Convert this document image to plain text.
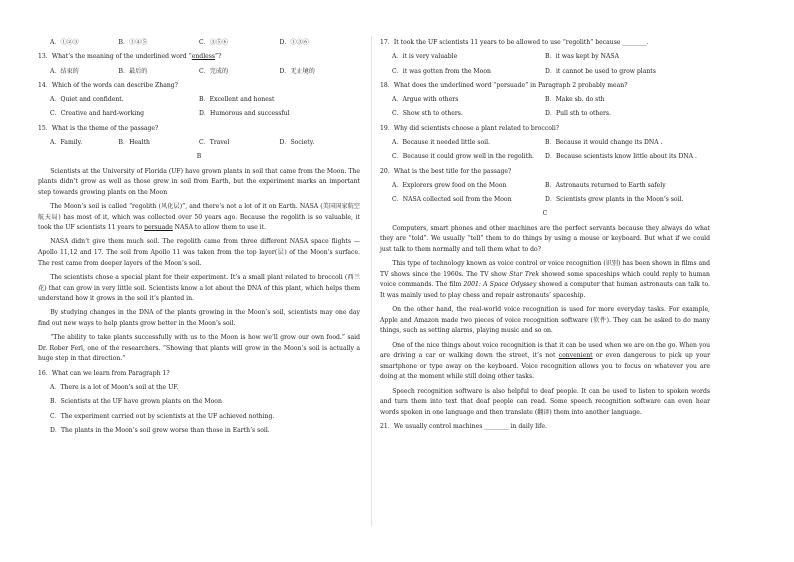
A．①②③	B．①④⑤	C．③⑤⑥	D．①③⑥
13．What’s the meaning of the underlined word “endless”?
A．结束的	B．最后的	C．完成的	D．无止境的
14．Which of the words can describe Zhang?
A．Quiet and confident.	B．Excellent and honest
C．Creative and hard-working	D．Humorous and successful
15．What is the theme of the passage?
A．Family.	B．Health	C．Travel	D．Society.
B

Scientists at the University of Florida (UF) have grown plants in soil that came from the Moon. The plants didn’t grow as well as those grew in soil from Earth, but the experiment marks an important step towards growing plants on the Moon

The Moon’s soil is called “regolith (风化层)”, and there’s not a lot of it on Earth. NASA (美国国家航空航天局) has most of it, which was collected over 50 years ago. Because the regolith is so valuable, it took the UF scientists 11 years to persuade NASA to allow them to use it.

NASA didn’t give them much soil. The regolith came from three different NASA space flights —Apollo 11,12 and 17. The soil from Apollo 11 was taken from the top layer(层) of the Moon’s surface. The rest came from deeper layers of the Moon’s soil.

The scientists chose a special plant for their experiment. It’s a small plant related to broccoli (西兰花) that can grow in very little soil. Scientists know a lot about the DNA of this plant, which helps them understand how it grows in the soil it’s planted in.

By studying changes in the DNA of the plants growing in the Moon’s soil, scientists may one day find out new ways to help plants grow better in the Moon’s soil.

“The ability to take plants successfully with us to the Moon is how we’ll grow our own food.” said Dr. Rober Ferl, one of the researchers. “Showing that plants will grow in the Moon’s soil is actually a huge step in that direction.”

16．What can we learn from Paragraph 1?
A．There is a lot of Moon’s soil at the UF.
B．Scientists at the UF have grown plants on the Moon
C．The experiment carried out by scientists at the UF achieved nothing.
D．The plants in the Moon’s soil grew worse than those in Earth’s soil.
17．It took the UF scientists 11 years to be allowed to use “regolith” because ________.
A．it is very valuable	B．it was kept by NASA
C．it was gotten from the Moon	D．it cannot be used to grow plants
18．What does the underlined word “persuade” in Paragraph 2 probably mean?
A．Argue with others	B．Make sb. do sth
C．Show sth to others.	D．Pull sth to others.
19．Why did scientists choose a plant related to broccoli?
A．Because it needed little soil.	B．Because it would change its DNA .
C．Because it could grow well in the regolith.	D．Because scientists know little about its DNA .
20．What is the best title for the passage?
A．Explorers grew food on the Moon	B．Astronauts returned to Earth safely
C．NASA collected soil from the Moon	D．Scientists grew plants in the Moon’s soil.
C

Computers, smart phones and other machines are the perfect servants because they always do what they are “told”. We usually “tell” them to do things by using a mouse or keyboard. But what if we could just talk to them normally and tell them what to do?

This type of technology known as voice control or voice recognition (识别) has been shown in films and TV shows since the 1960s. The TV show Star Trek showed some spaceships which could reply to human voice commands. The film 2001: A Space Odyssey showed a computer that human astronauts can talk to. It was mainly used to play chess and repair astronauts’ spaceship.

On the other hand, the real-world voice recognition is used for more everyday tasks. For example, Apple and Amazon made two pieces of voice recognition software (软件). They can be asked to do many things, such as setting alarms, playing music and so on.

One of the nice things about voice recognition is that it can be used when we are on the go. When you are driving a car or walking down the street, it’s not convenient or even dangerous to pick up your smartphone or type away on the keyboard. Voice recognition allows you to focus on whatever you are doing at the moment while still doing other tasks.

Speech recognition software is also helpful to deaf people. It can be used to listen to spoken words and turn them into text that deaf people can read. Some speech recognition software can even hear words spoken in one language and then translate (翻译) them into another language.

21．We usually control machines ________ in daily life.
